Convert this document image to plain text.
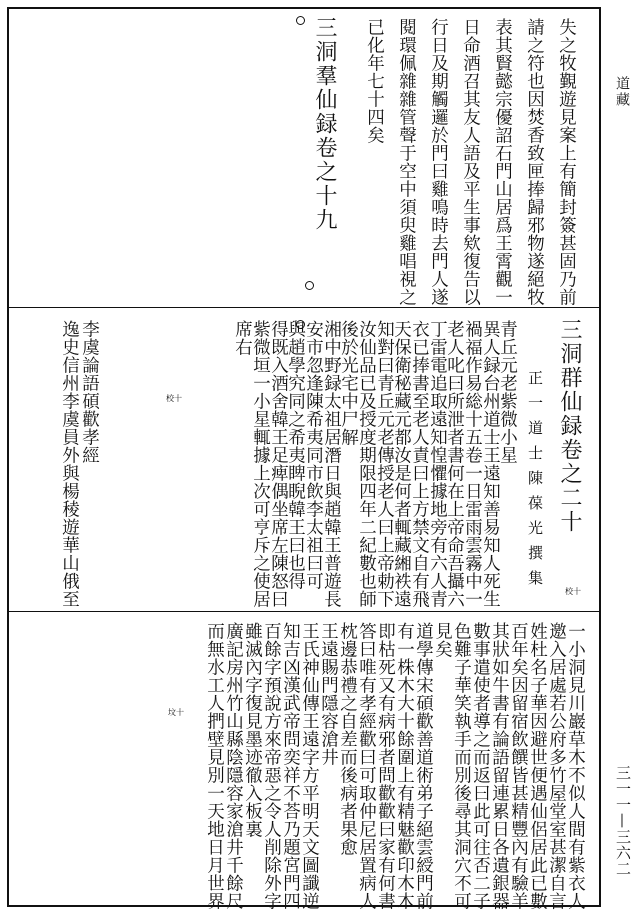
道藏
三一一—三六二
失之牧覲遊見案上有簡封簽甚固乃前
請之符也因焚香致匣捧歸邪物遂絕牧
表其賢懿宗優詔石門山居爲王霄觀一
日命酒召其友人語及平生事欸復告以
行日及期觸邏於門曰雞鳴時去門人遂
閱環佩雜雜管聲于空中須臾雞唱視之
已化年七十四矣
三洞羣仙録卷之十九
三洞群仙録卷之二十
正一道士陳葆光撰集
青丘元老紫微小星
異人録台州道士王遠知善易知人死生
禍福作易総十五卷一日雷雨雲霧中一
老人叱曰所泄者書何在上帝命吾攝六
丁雷電追取遠知惶懼據地旁有六人青
衣已捧書至老人責曰上方禁文自有飛
天保衛秘藏元都汝是何者輒藏緗袟遠
知對曰青丘元老傳授老人曰上帝勅下
汝仙品已及授度期限四年二紀數也師
後於光宅中尸解
湘中野録太祖居潛日與趙韓王普遊長
安市忽逢陳希夷同市飲李太祖曰可
與趙學究同之希夷睥睨韓王曰也得
得既入酒舍韓王足痺偶坐席左陳怒曰
紫微垣一小星輒據上次可亨斥之使居
席右
校十
校十
坟十
李虞論語碩歡孝經
逸史信州李虞員外與楊稜遊華山俄至
一小洞見川巖草木不似人間有紫衣人
邀入居處若公府多竹屋堂室甚潔自言
姓杜名子華因避世便遇仙侶居此已數
百年矣因留宿飲饌皆甚精豐內有驗羊
其狀如牛書有論語留連累日各遺銀器
數事遣使者導之而返曰此可往否二子
色難子華笑執手而別後尋其洞穴不可
見矣
道學傳宋碩歡善道術弟子絕雲綬門前
有一株木大十餘圍上有精魅歡印木木
即枯死又有病邪者問歡歡曰家有何書
答曰唯有孝經歡曰可取仲尼居置病人
枕邊恭禮之自差而後病者果愈
王遠賜門隱容滄井
王氏神仙傳王遠字方平明天文圖讖逆
知吉凶漢武帝問奕祥不荅乃題宮門四
百餘字預說方來帝惡之令人削除外字
雖滅內字復見墨迹徹入板裏
廣記房州竹山縣陰隱容家滄井千餘尺
而無水工人捫壁見別一天地日月世界
